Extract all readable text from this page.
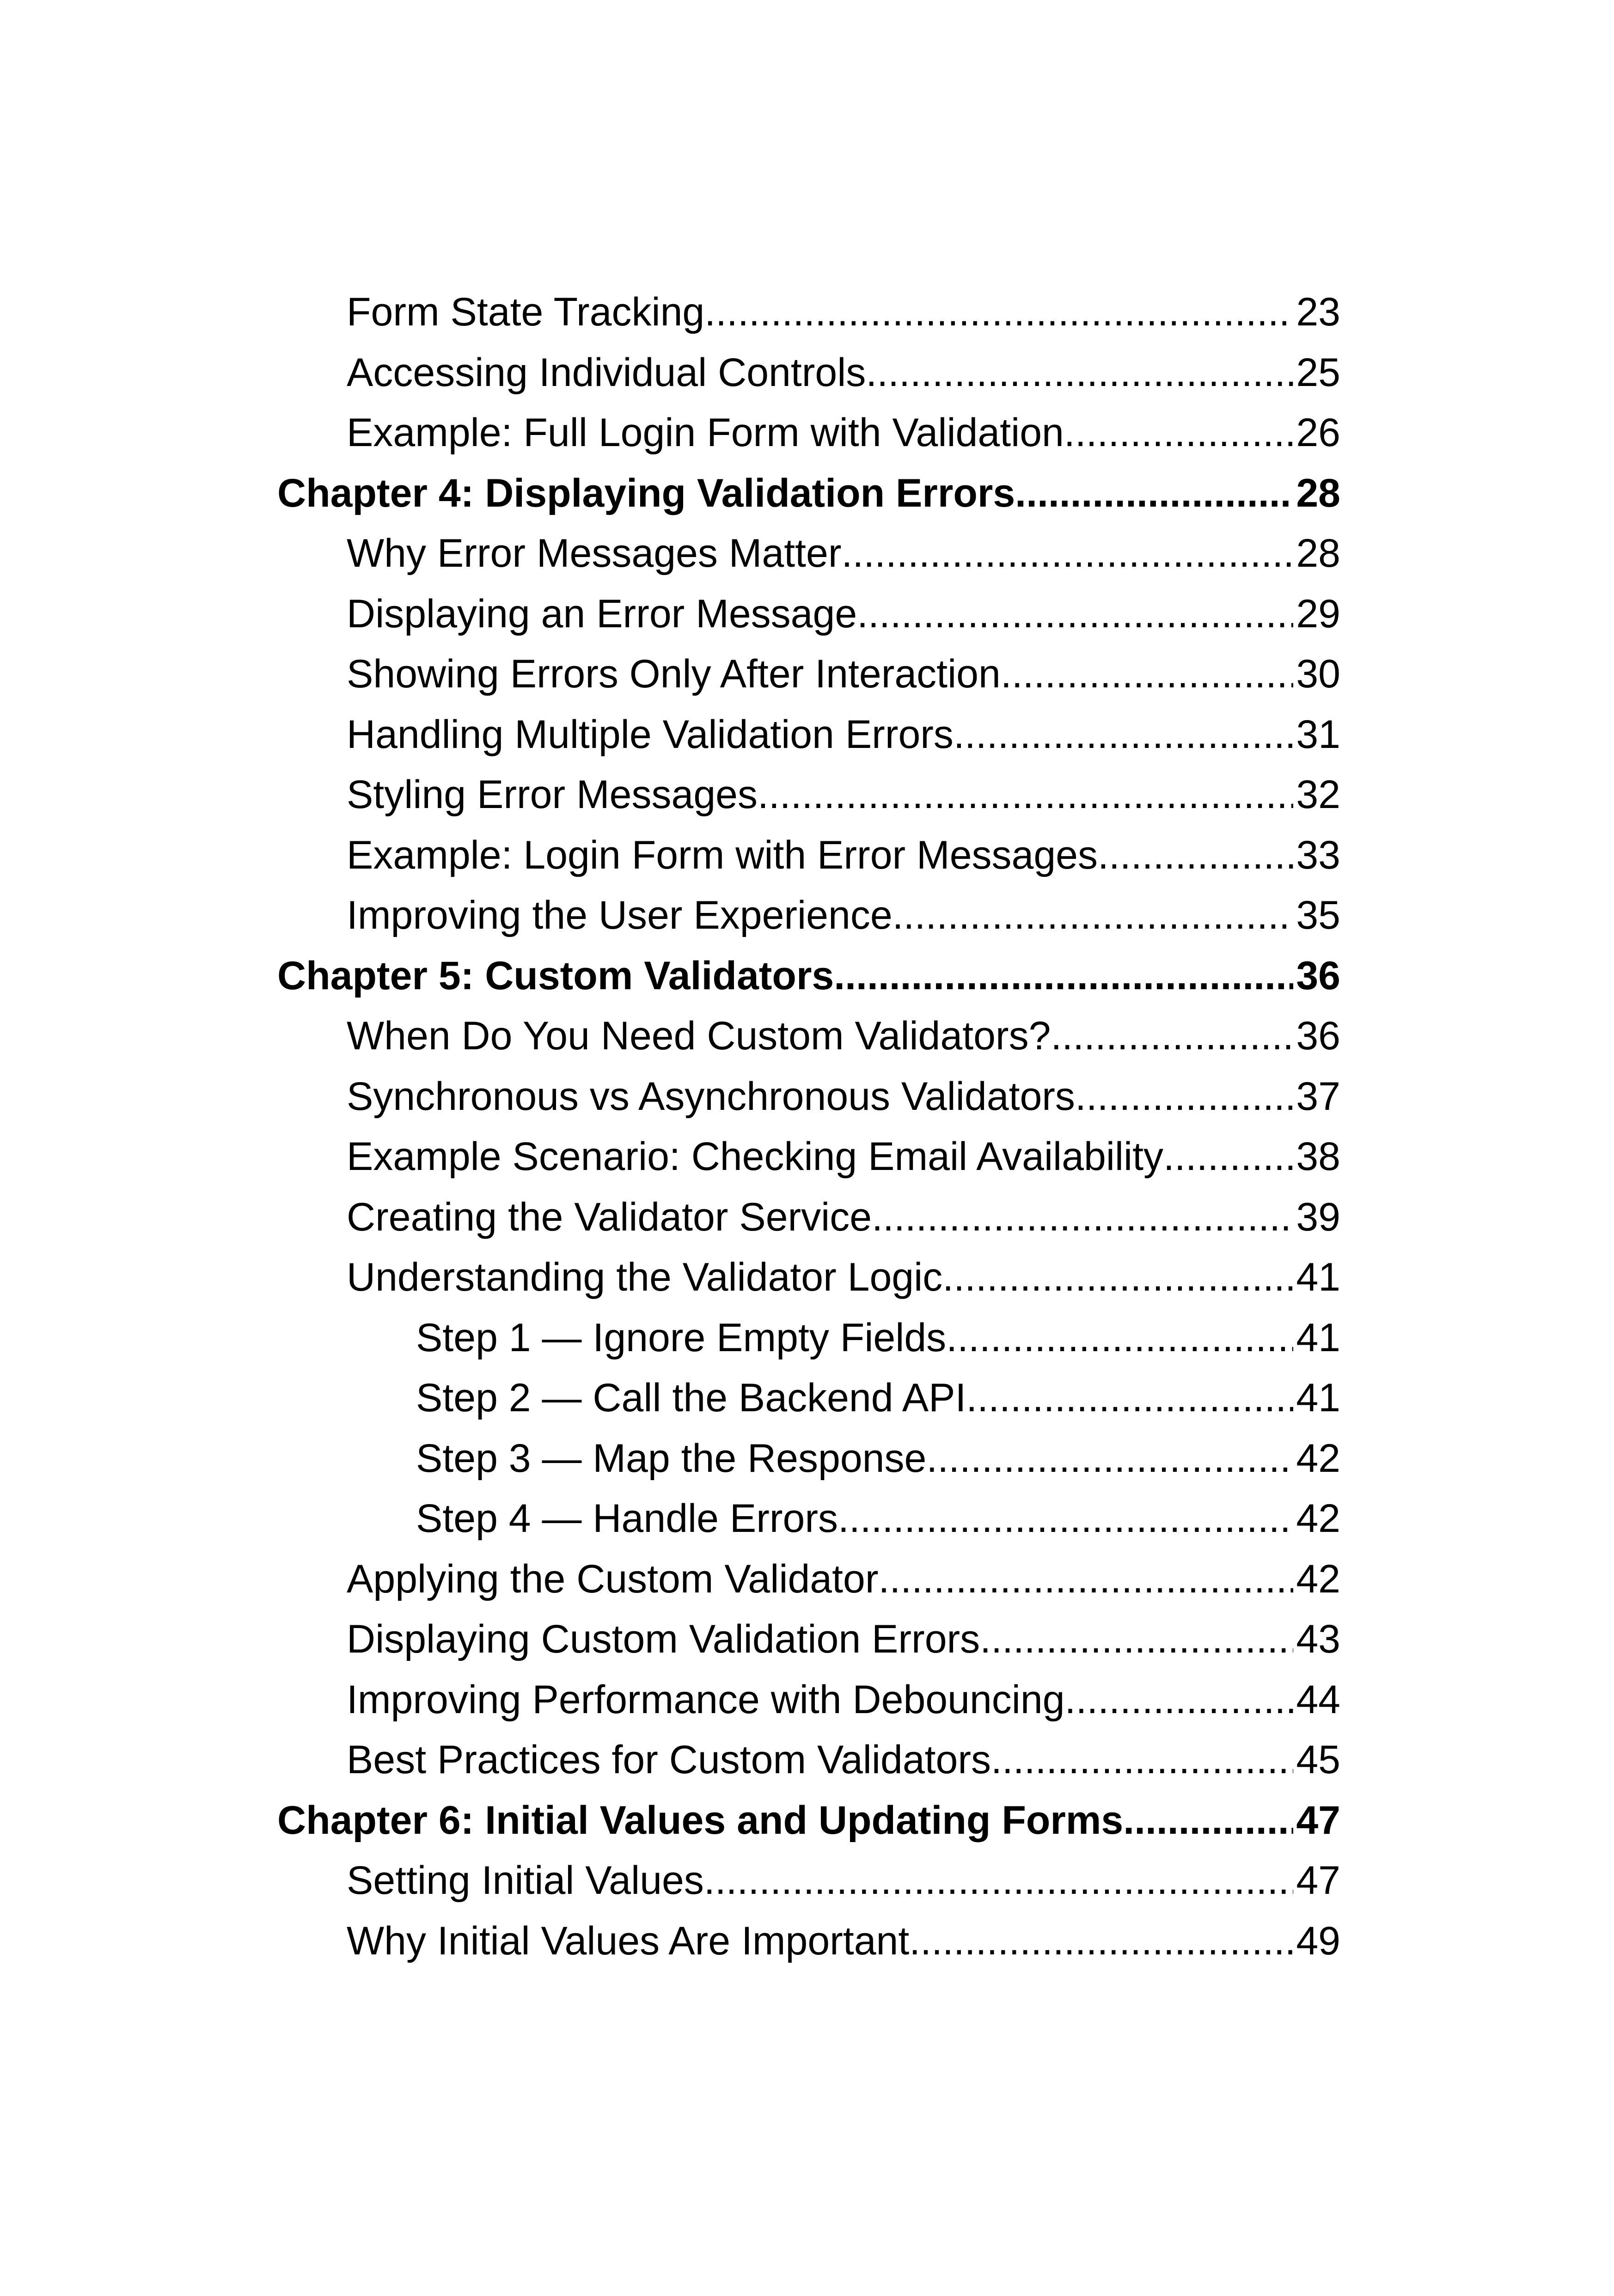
Form State Tracking .....	23
Accessing Individual Controls .....	25
Example: Full Login Form with Validation .....	26
Chapter 4: Displaying Validation Errors .....	28
Why Error Messages Matter .....	28
Displaying an Error Message .....	29
Showing Errors Only After Interaction .....	30
Handling Multiple Validation Errors .....	31
Styling Error Messages .....	32
Example: Login Form with Error Messages .....	33
Improving the User Experience .....	35
Chapter 5: Custom Validators .....	36
When Do You Need Custom Validators? .....	36
Synchronous vs Asynchronous Validators .....	37
Example Scenario: Checking Email Availability .....	38
Creating the Validator Service .....	39
Understanding the Validator Logic .....	41
Step 1 — Ignore Empty Fields .....	41
Step 2 — Call the Backend API .....	41
Step 3 — Map the Response .....	42
Step 4 — Handle Errors .....	42
Applying the Custom Validator .....	42
Displaying Custom Validation Errors .....	43
Improving Performance with Debouncing .....	44
Best Practices for Custom Validators .....	45
Chapter 6: Initial Values and Updating Forms .....	47
Setting Initial Values .....	47
Why Initial Values Are Important .....	49
